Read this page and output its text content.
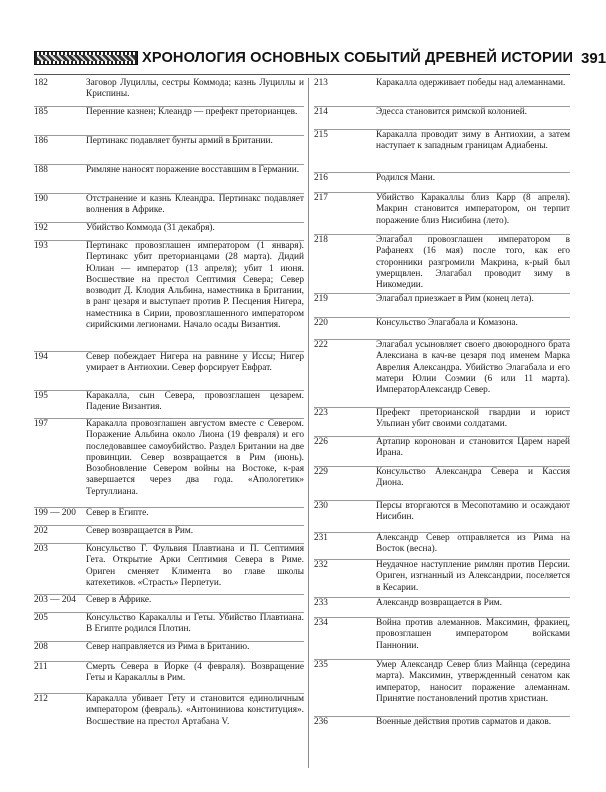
ХРОНОЛОГИЯ ОСНОВНЫХ СОБЫТИЙ ДРЕВНЕЙ ИСТОРИИ 391
182	Заговор Луциллы, сестры Коммода; казнь Луциллы и Криспины.
185	Перенние казнен; Клеандр — префект преторианцев.
186	Пертинакс подавляет бунты армий в Британии.
188	Римляне наносят поражение восставшим в Германии.
190	Отстранение и казнь Клеандра. Пертинакс подавляет волнения в Африке.
192	Убийство Коммода (31 декабря).
193	Пертинакс провозглашен императором (1 января). Пертинакс убит преторианцами (28 марта). Дидий Юлиан — император (13 апреля); убит 1 июня. Восшествие на престол Септимия Севера; Север возводит Д. Клодия Альбина, наместника в Британии, в ранг цезаря и выступает против Р. Песцения Нигера, наместника в Сирии, провозглашенного императором сирийскими легионами. Начало осады Византия.
194	Север побеждает Нигера на равнине у Иссы; Нигер умирает в Антиохии. Север форсирует Евфрат.
195	Каракалла, сын Севера, провозглашен цезарем. Падение Византия.
197	Каракалла провозглашен августом вместе с Севером. Поражение Альбина около Лиона (19 февраля) и его последовавшее самоубийство. Раздел Британии на две провинции. Север возвращается в Рим (июнь). Возобновление Севером войны на Востоке, к-рая завершается через два года. «Апологетик» Тертуллиана.
199 — 200	Север в Египте.
202	Север возвращается в Рим.
203	Консульство Г. Фульвия Плавтиана и П. Септимия Гета. Открытие Арки Септимия Севера в Риме. Ориген сменяет Климента во главе школы катехетиков. «Страсть» Перпетуи.
203 — 204	Север в Африке.
205	Консульство Каракаллы и Геты. Убийство Плавтиана. В Египте родился Плотин.
208	Север направляется из Рима в Британию.
211	Смерть Севера в Йорке (4 февраля). Возвращение Геты и Каракаллы в Рим.
212	Каракалла убивает Гету и становится единоличным императором (февраль). «Антониниова конституция». Восшествие на престол Артабана V.
213	Каракалла одерживает победы над алеманнами.
214	Эдесса становится римской колонией.
215	Каракалла проводит зиму в Антиохии, а затем наступает к западным границам Адиабены.
216	Родился Мани.
217	Убийство Каракаллы близ Карр (8 апреля). Макрин становится императором, он терпит поражение близ Нисибина (лето).
218	Элагабал провозглашен императором в Рафанеях (16 мая) после того, как его сторонники разгромили Макрина, к-рый был умерщвлен. Элагабал проводит зиму в Никомедии.
219	Элагабал приезжает в Рим (конец лета).
220	Консульство Элагабала и Комазона.
222	Элагабал усыновляет своего двоюродного брата Алексиана в кач-ве цезаря под именем Марка Аврелия Александра. Убийство Элагабала и его матери Юлии Соэмии (6 или 11 марта). ИмператорАлександр Север.
223	Префект преторианской гвардии и юрист Ульпиан убит своими солдатами.
226	Артапир коронован и становится Царем нарей Ирана.
229	Консульство Александра Севера и Кассия Диона.
230	Персы вторгаются в Месопотамию и осаждают Нисибин.
231	Александр Север отправляется из Рима на Восток (весна).
232	Неудачное наступление римлян против Персии. Ориген, изгнанный из Александрии, поселяется в Кесарии.
233	Александр возвращается в Рим.
234	Война против алеманнов. Максимин, фракиец, провозглашен императором войсками Паннонии.
235	Умер Александр Север близ Майнца (середина марта). Максимин, утвержденный сенатом как император, наносит поражение алеманнам. Принятие постановлений против христиан.
236	Военные действия против сарматов и даков.
